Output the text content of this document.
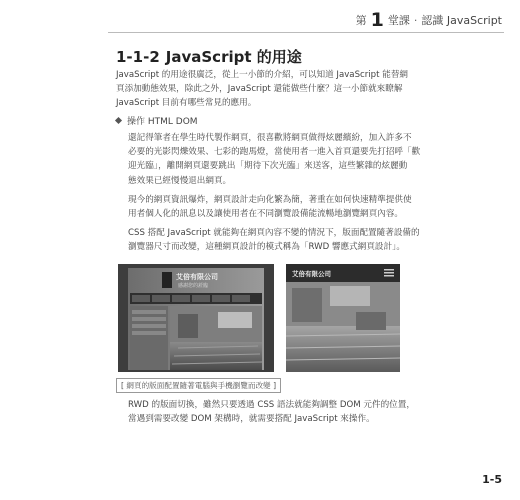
第 1 堂課 ‧ 認識 JavaScript
1-1-2 JavaScript 的用途
JavaScript 的用途很廣泛，從上一小節的介紹，可以知道 JavaScript 能替網
頁添加動態效果，除此之外，JavaScript 還能做些什麼？這一小節就來瞭解
JavaScript 目前有哪些常見的應用。
操作 HTML DOM
還記得筆者在學生時代製作網頁，很喜歡將網頁做得炫麗繽紛，加入許多不
必要的光影閃爍效果、七彩的跑馬燈，當使用者一進入首頁還要先打招呼「歡
迎光臨」，離開網頁還要跳出「期待下次光臨」來送客，這些繁雜的炫麗動
態效果已經慢慢退出網頁。
現今的網頁資訊爆炸，網頁設計走向化繁為簡，著重在如何快速精準提供使
用者個人化的訊息以及讓使用者在不同瀏覽設備能流暢地瀏覽網頁內容。
CSS 搭配 JavaScript 就能夠在網頁內容不變的情況下，版面配置隨著設備的
瀏覽器尺寸而改變，這種網頁設計的模式稱為「RWD 響應式網頁設計」。
艾倍有限公司
感謝您的蒞臨
艾倍有限公司
[ 網頁的版面配置隨著電腦與手機瀏覽而改變 ]
RWD 的版面切換，雖然只要透過 CSS 語法就能夠調整 DOM 元件的位置，
當遇到需要改變 DOM 架構時，就需要搭配 JavaScript 來操作。
1-5
